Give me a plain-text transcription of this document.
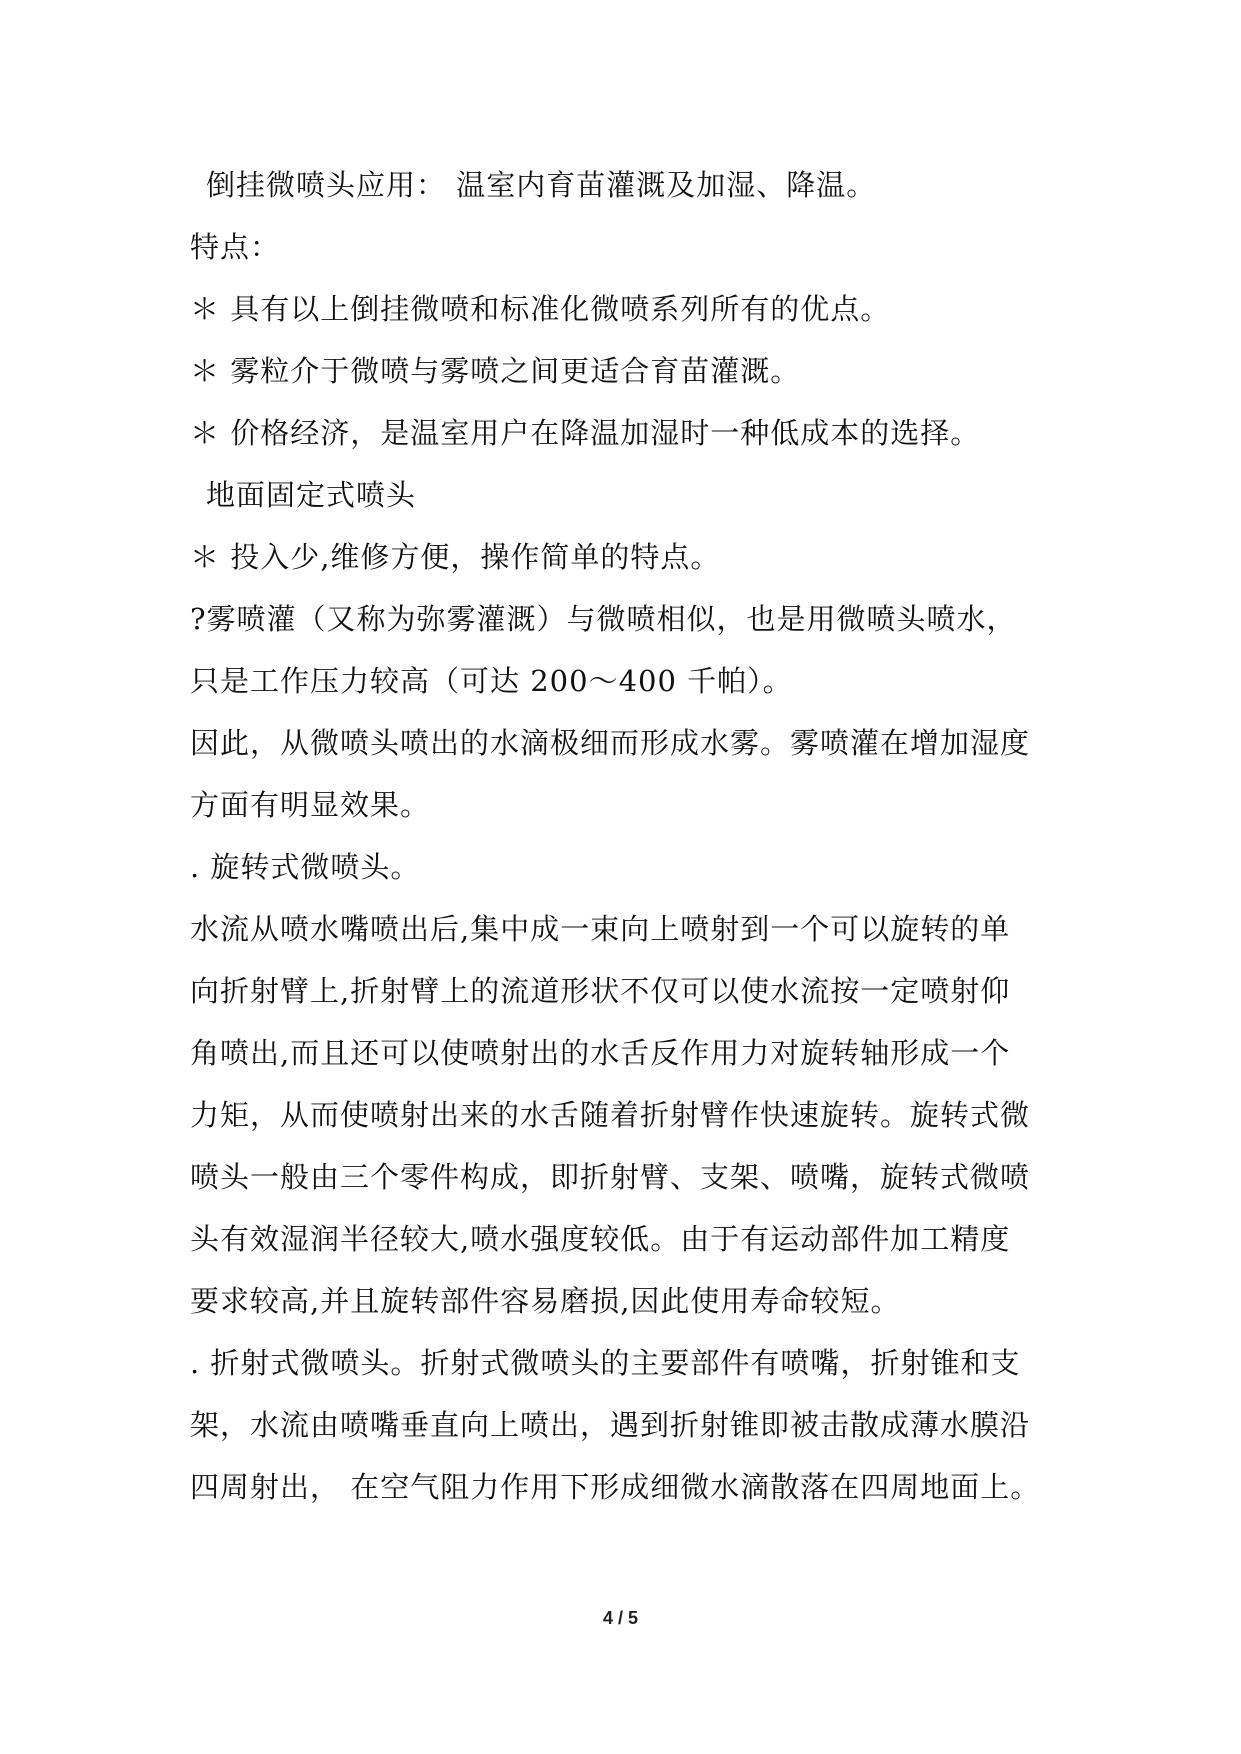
倒挂微喷头应用： 温室内育苗灌溉及加湿、降温。
特点：
＊ 具有以上倒挂微喷和标准化微喷系列所有的优点。
＊ 雾粒介于微喷与雾喷之间更适合育苗灌溉。
＊ 价格经济，是温室用户在降温加湿时一种低成本的选择。
地面固定式喷头
＊ 投入少,维修方便，操作简单的特点。
?雾喷灌（又称为弥雾灌溉）与微喷相似，也是用微喷头喷水，
只是工作压力较高（可达 200～400 千帕）。
因此，从微喷头喷出的水滴极细而形成水雾。雾喷灌在增加湿度
方面有明显效果。
. 旋转式微喷头。
水流从喷水嘴喷出后,集中成一束向上喷射到一个可以旋转的单
向折射臂上,折射臂上的流道形状不仅可以使水流按一定喷射仰
角喷出,而且还可以使喷射出的水舌反作用力对旋转轴形成一个
力矩，从而使喷射出来的水舌随着折射臂作快速旋转。旋转式微
喷头一般由三个零件构成，即折射臂、支架、喷嘴，旋转式微喷
头有效湿润半径较大,喷水强度较低。由于有运动部件加工精度
要求较高,并且旋转部件容易磨损,因此使用寿命较短。
. 折射式微喷头。折射式微喷头的主要部件有喷嘴，折射锥和支
架，水流由喷嘴垂直向上喷出，遇到折射锥即被击散成薄水膜沿
四周射出， 在空气阻力作用下形成细微水滴散落在四周地面上。
4 / 5
